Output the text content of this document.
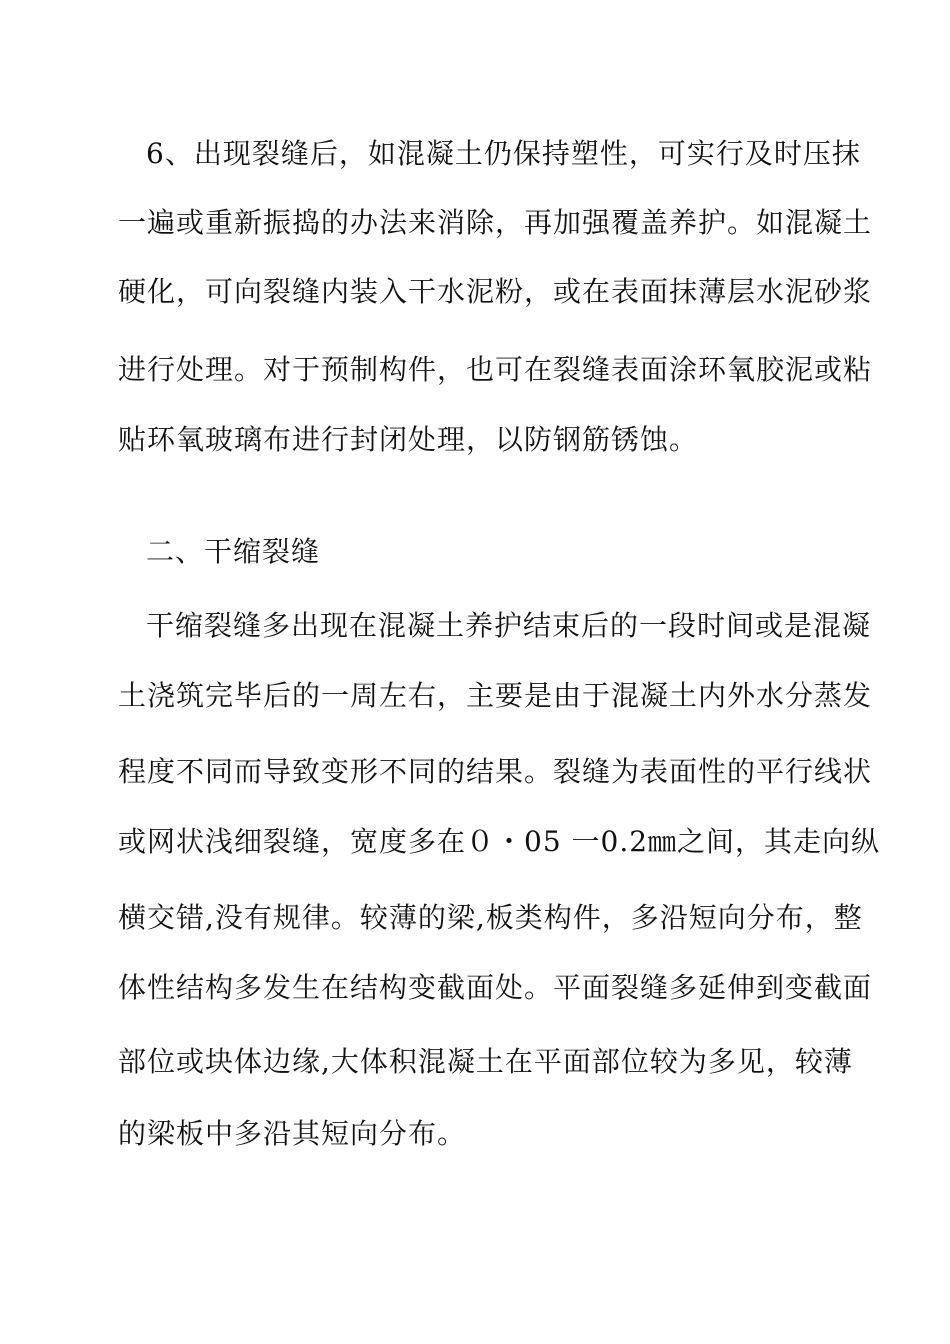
6、出现裂缝后，如混凝土仍保持塑性，可实行及时压抹
一遍或重新振捣的办法来消除，再加强覆盖养护。如混凝土
硬化，可向裂缝内装入干水泥粉，或在表面抹薄层水泥砂浆
进行处理。对于预制构件，也可在裂缝表面涂环氧胶泥或粘
贴环氧玻璃布进行封闭处理，以防钢筋锈蚀。
二、干缩裂缝
干缩裂缝多出现在混凝土养护结束后的一段时间或是混凝
土浇筑完毕后的一周左右，主要是由于混凝土内外水分蒸发
程度不同而导致变形不同的结果。裂缝为表面性的平行线状
或网状浅细裂缝，宽度多在０・05 一0.2㎜之间，其走向纵
横交错,没有规律。较薄的梁,板类构件，多沿短向分布，整
体性结构多发生在结构变截面处。平面裂缝多延伸到变截面
部位或块体边缘,大体积混凝土在平面部位较为多见，较薄
的梁板中多沿其短向分布。
